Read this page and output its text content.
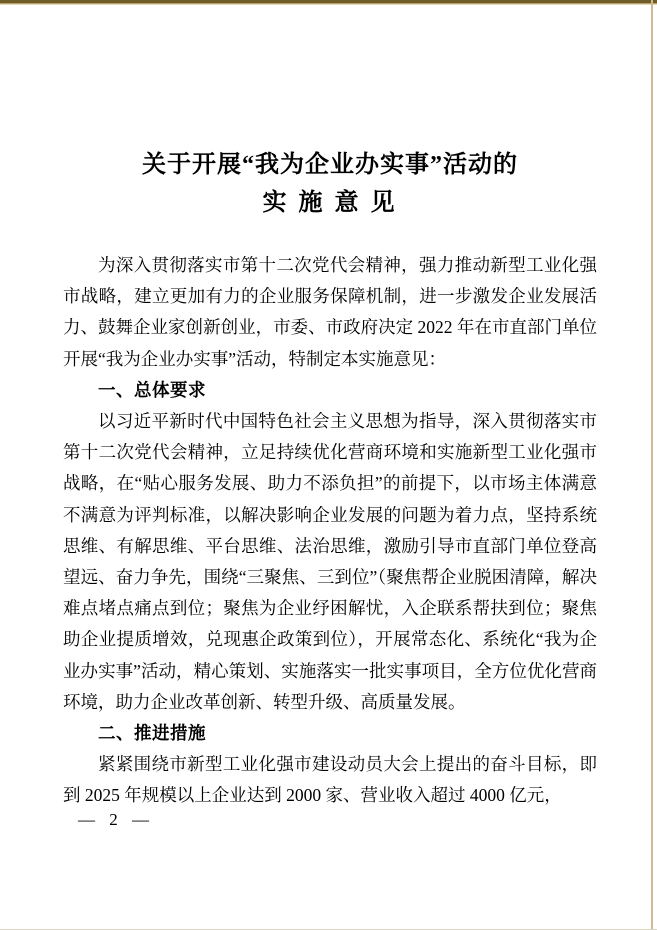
关于开展“我为企业办实事”活动的
实 施 意 见

为深入贯彻落实市第十二次党代会精神，强力推动新型工业化强市战略，建立更加有力的企业服务保障机制，进一步激发企业发展活力、鼓舞企业家创新创业，市委、市政府决定 2022 年在市直部门单位开展“我为企业办实事”活动，特制定本实施意见：

一、总体要求

以习近平新时代中国特色社会主义思想为指导，深入贯彻落实市第十二次党代会精神，立足持续优化营商环境和实施新型工业化强市战略，在“贴心服务发展、助力不添负担”的前提下，以市场主体满意不满意为评判标准，以解决影响企业发展的问题为着力点，坚持系统思维、有解思维、平台思维、法治思维，激励引导市直部门单位登高望远、奋力争先，围绕“三聚焦、三到位”（聚焦帮企业脱困清障，解决难点堵点痛点到位；聚焦为企业纾困解忧，入企联系帮扶到位；聚焦助企业提质增效，兑现惠企政策到位），开展常态化、系统化“我为企业办实事”活动，精心策划、实施落实一批实事项目，全方位优化营商环境，助力企业改革创新、转型升级、高质量发展。

二、推进措施

紧紧围绕市新型工业化强市建设动员大会上提出的奋斗目标，即到 2025 年规模以上企业达到 2000 家、营业收入超过 4000 亿元，

— 2 —
